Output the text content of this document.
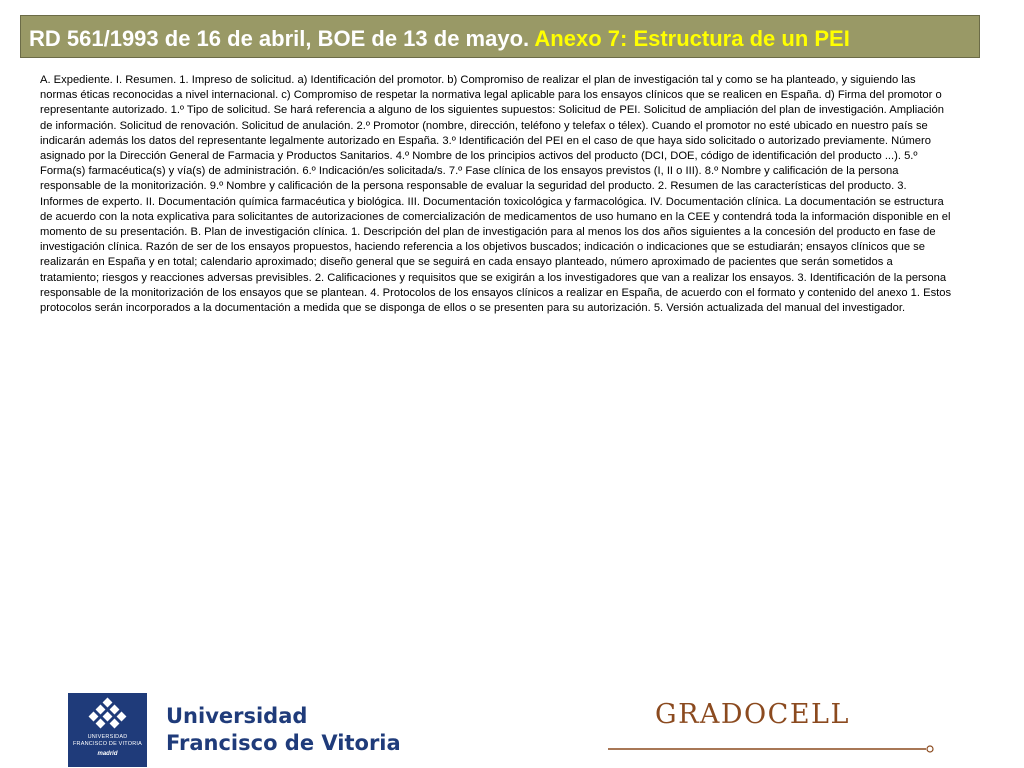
RD 561/1993 de 16 de abril, BOE de 13 de mayo. Anexo 7: Estructura de un PEI

A. Expediente. I. Resumen. 1. Impreso de solicitud. a) Identificación del promotor. b) Compromiso de realizar el plan de investigación tal y como se ha planteado, y siguiendo las normas éticas reconocidas a nivel internacional. c) Compromiso de respetar la normativa legal aplicable para los ensayos clínicos que se realicen en España. d) Firma del promotor o representante autorizado. 1.º Tipo de solicitud. Se hará referencia a alguno de los siguientes supuestos: Solicitud de PEI. Solicitud de ampliación del plan de investigación. Ampliación de información. Solicitud de renovación. Solicitud de anulación. 2.º Promotor (nombre, dirección, teléfono y telefax o télex). Cuando el promotor no esté ubicado en nuestro país se indicarán además los datos del representante legalmente autorizado en España. 3.º Identificación del PEI en el caso de que haya sido solicitado o autorizado previamente. Número asignado por la Dirección General de Farmacia y Productos Sanitarios. 4.º Nombre de los principios activos del producto (DCI, DOE, código de identificación del producto ...). 5.º Forma(s) farmacéutica(s) y vía(s) de administración. 6.º Indicación/es solicitada/s. 7.º Fase clínica de los ensayos previstos (I, II o III). 8.º Nombre y calificación de la persona responsable de la monitorización. 9.º Nombre y calificación de la persona responsable de evaluar la seguridad del producto. 2. Resumen de las características del producto. 3. Informes de experto. II. Documentación química farmacéutica y biológica. III. Documentación toxicológica y farmacológica. IV. Documentación clínica. La documentación se estructura de acuerdo con la nota explicativa para solicitantes de autorizaciones de comercialización de medicamentos de uso humano en la CEE y contendrá toda la información disponible en el momento de su presentación. B. Plan de investigación clínica. 1. Descripción del plan de investigación para al menos los dos años siguientes a la concesión del producto en fase de investigación clínica. Razón de ser de los ensayos propuestos, haciendo referencia a los objetivos buscados; indicación o indicaciones que se estudiarán; ensayos clínicos que se realizarán en España y en total; calendario aproximado; diseño general que se seguirá en cada ensayo planteado, número aproximado de pacientes que serán sometidos a tratamiento; riesgos y reacciones adversas previsibles. 2. Calificaciones y requisitos que se exigirán a los investigadores que van a realizar los ensayos. 3. Identificación de la persona responsable de la monitorización de los ensayos que se plantean. 4. Protocolos de los ensayos clínicos a realizar en España, de acuerdo con el formato y contenido del anexo 1. Estos protocolos serán incorporados a la documentación a medida que se disponga de ellos o se presenten para su autorización. 5. Versión actualizada del manual del investigador.

UNIVERSIDAD
FRANCISCO DE VITORIA
madrid
Universidad
Francisco de Vitoria
GRADOCELL
